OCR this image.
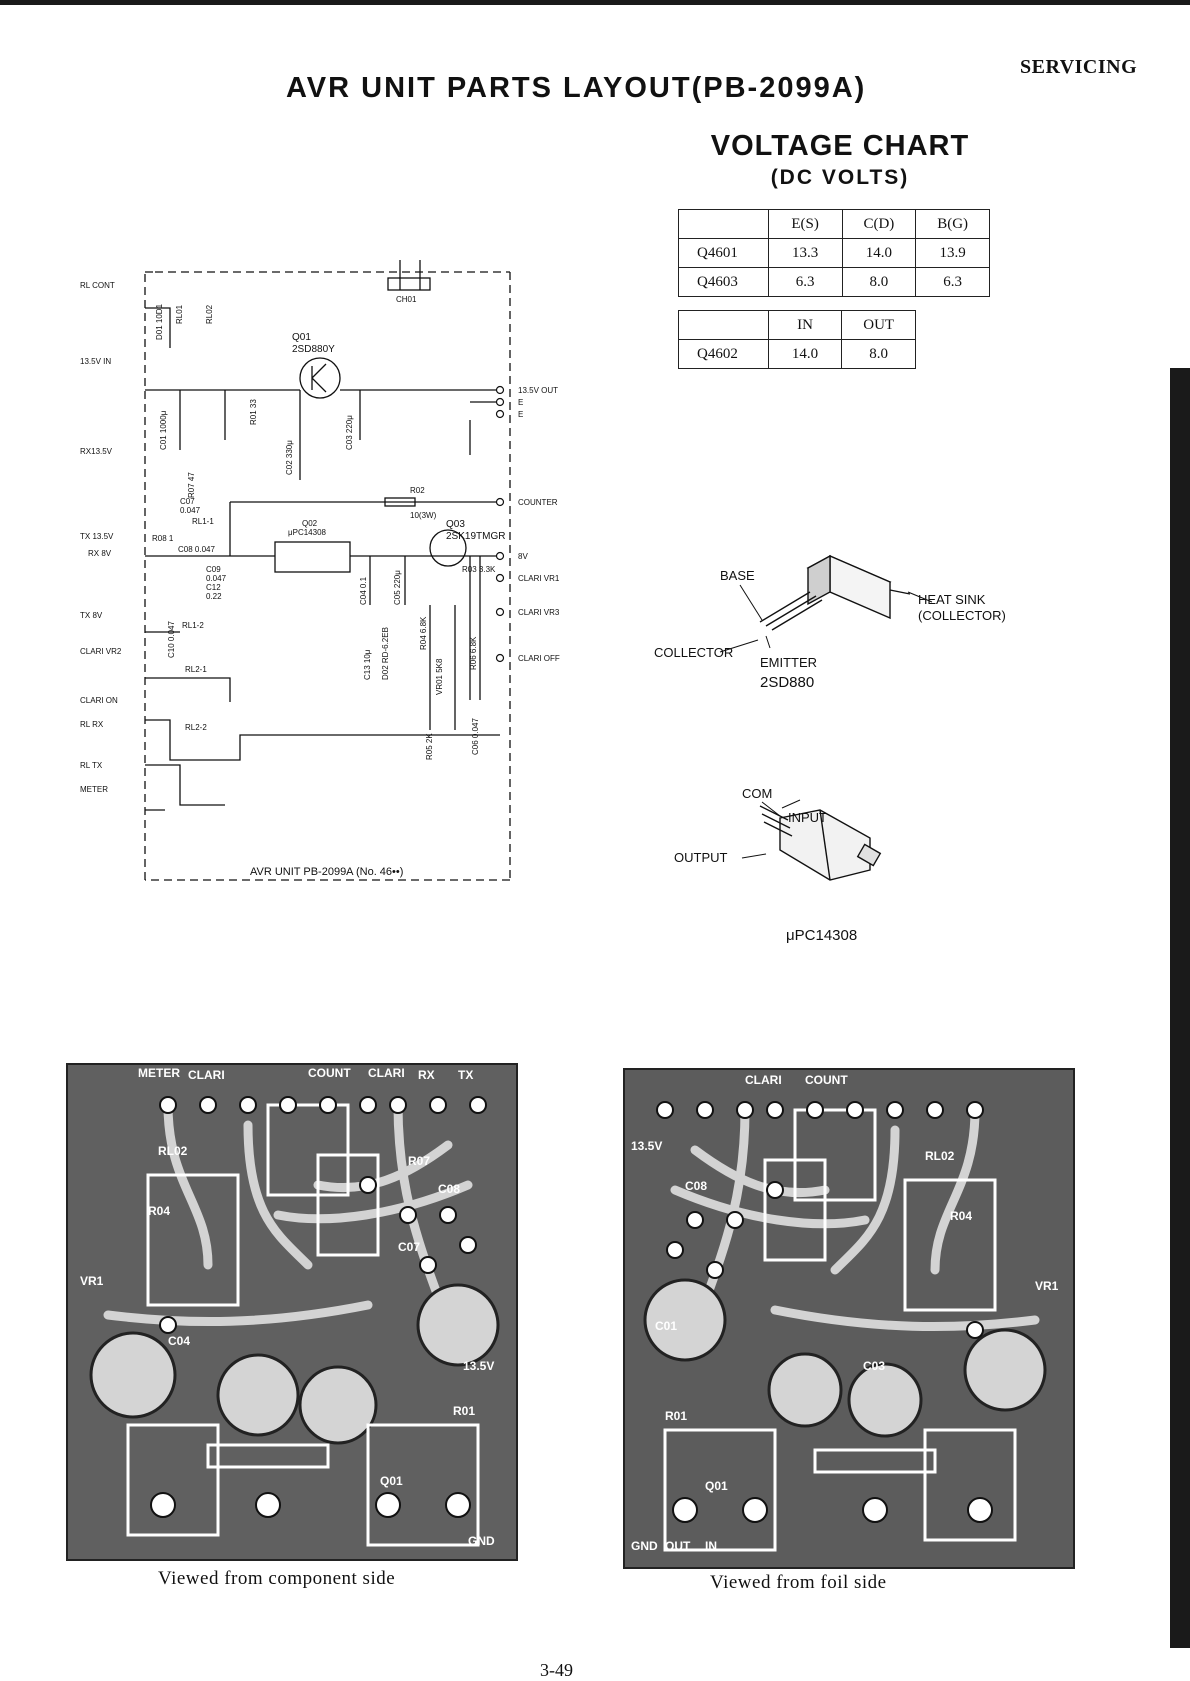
SERVICING
AVR UNIT PARTS LAYOUT(PB-2099A)
VOLTAGE CHART
(DC VOLTS)
	E(S)	C(D)	B(G)
Q4601	13.3	14.0	13.9
Q4603	6.3	8.0	6.3
	IN	OUT
Q4602	14.0	8.0
RL CONT
13.5V IN
RX13.5V
TX 13.5V
RX 8V
TX 8V
CLARI VR2
CLARI ON
RL RX
RL TX
METER
13.5V OUT
E
E
COUNTER
8V
CLARI VR1
CLARI VR3
CLARI OFF
CH01
Q01
2SD880Y
R02
10(3W)
Q02
μPC14308
Q03
2SK19TMGR
RL1-1
RL1-2
RL2-1
RL2-2
C07
0.047
C08 0.047
C09
0.047
C12
0.22
R03 3.3K
R08 1
AVR UNIT PB-2099A (No. 46••)
D01 10D1 RL01	RL02
C01 1000μ	R01 33
C02 330μ
C03 220μ
R07 47
C04 0.1	C05 220μ
C10 0.047
C13 10μ D02 RD-6.2EB	R04 6.8K
VR01 5K8
R06 6.8K
R05 2K	C06 0.047
BASE
COLLECTOR
EMITTER
HEAT SINK
(COLLECTOR)
2SD880
COM
INPUT
OUTPUT
μPC14308
METER CLARI	COUNT CLARI RX TX
RL02
R04
R07
C08
C07
C04
Q01
R01
VR1
13.5V
GND
Viewed from component side
CLARI COUNT
RL02
R04
C08
C01
C03
R01
Q01
VR1
13.5V
GND OUT IN
Viewed from foil side
3-49
